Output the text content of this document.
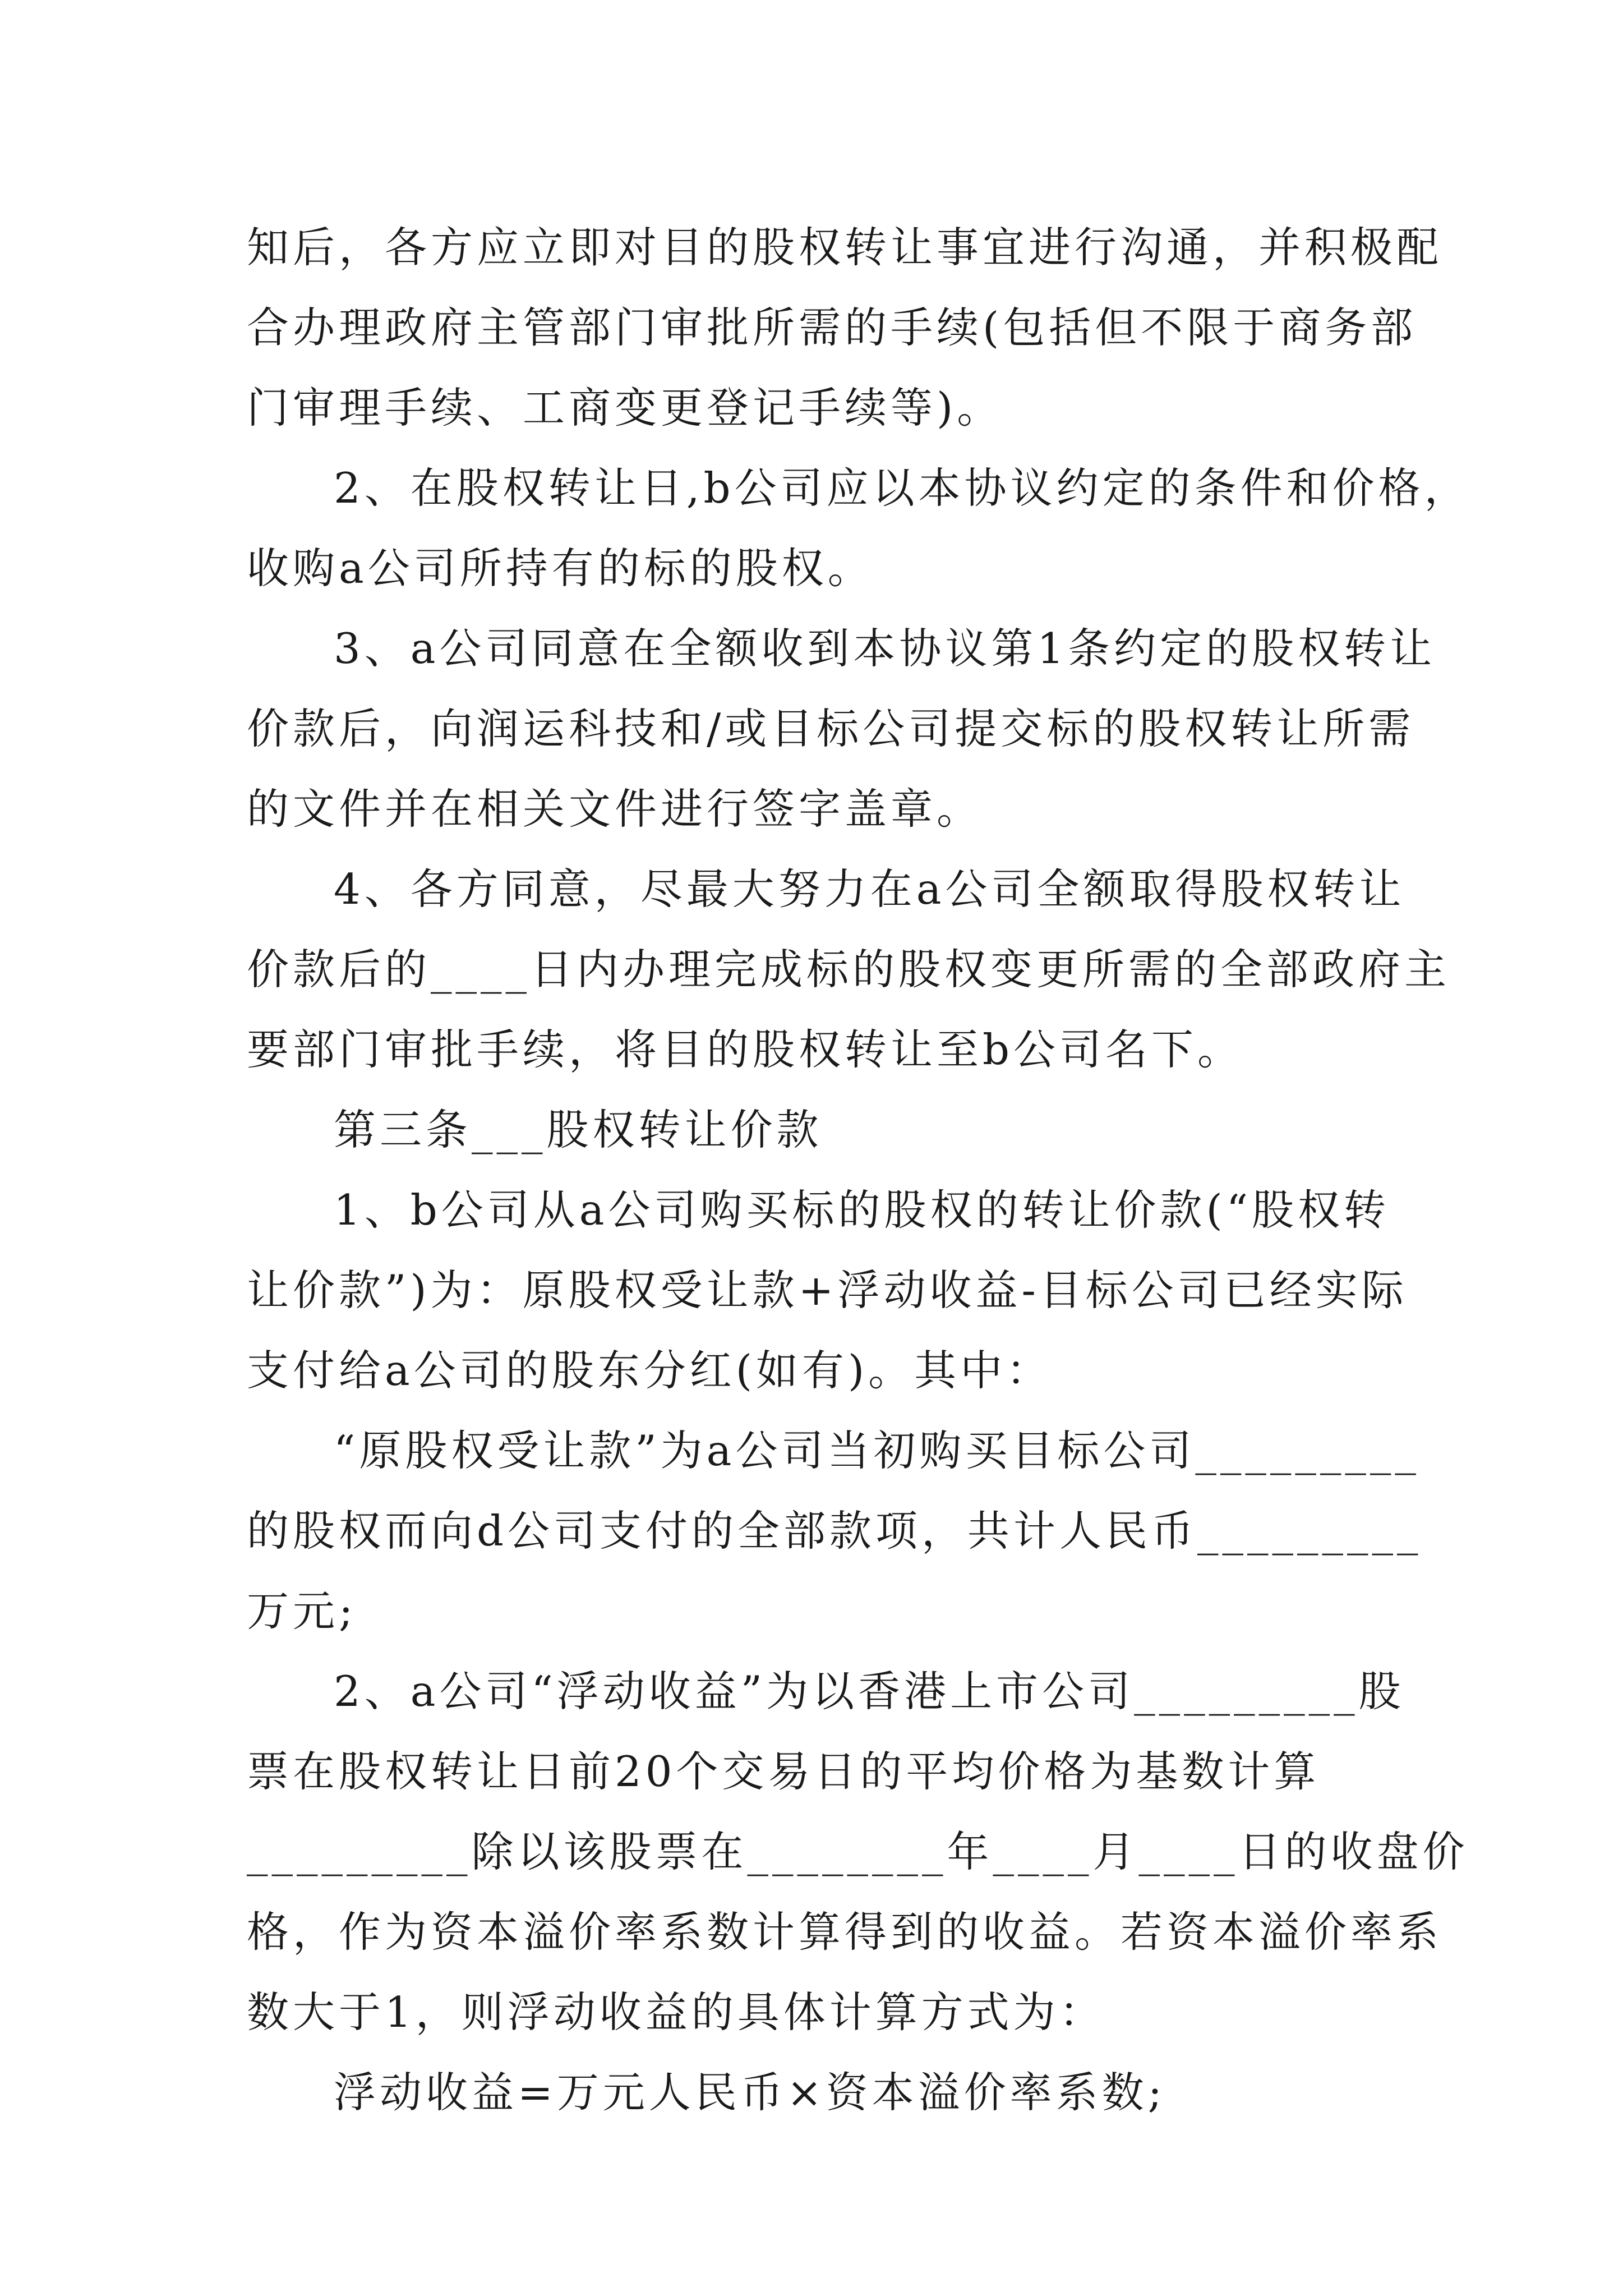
知后，各方应立即对目的股权转让事宜进行沟通，并积极配
合办理政府主管部门审批所需的手续(包括但不限于商务部
门审理手续、工商变更登记手续等)。
2、在股权转让日,b公司应以本协议约定的条件和价格，
收购a公司所持有的标的股权。
3、a公司同意在全额收到本协议第1条约定的股权转让
价款后，向润运科技和/或目标公司提交标的股权转让所需
的文件并在相关文件进行签字盖章。
4、各方同意，尽最大努力在a公司全额取得股权转让
价款后的____日内办理完成标的股权变更所需的全部政府主
要部门审批手续，将目的股权转让至b公司名下。
第三条___股权转让价款
1、b公司从a公司购买标的股权的转让价款(“股权转
让价款”)为：原股权受让款+浮动收益-目标公司已经实际
支付给a公司的股东分红(如有)。其中：
“原股权受让款”为a公司当初购买目标公司_________
的股权而向d公司支付的全部款项，共计人民币_________
万元;
2、a公司“浮动收益”为以香港上市公司_________股
票在股权转让日前20个交易日的平均价格为基数计算
_________除以该股票在________年____月____日的收盘价
格，作为资本溢价率系数计算得到的收益。若资本溢价率系
数大于1，则浮动收益的具体计算方式为：
浮动收益=万元人民币×资本溢价率系数;
